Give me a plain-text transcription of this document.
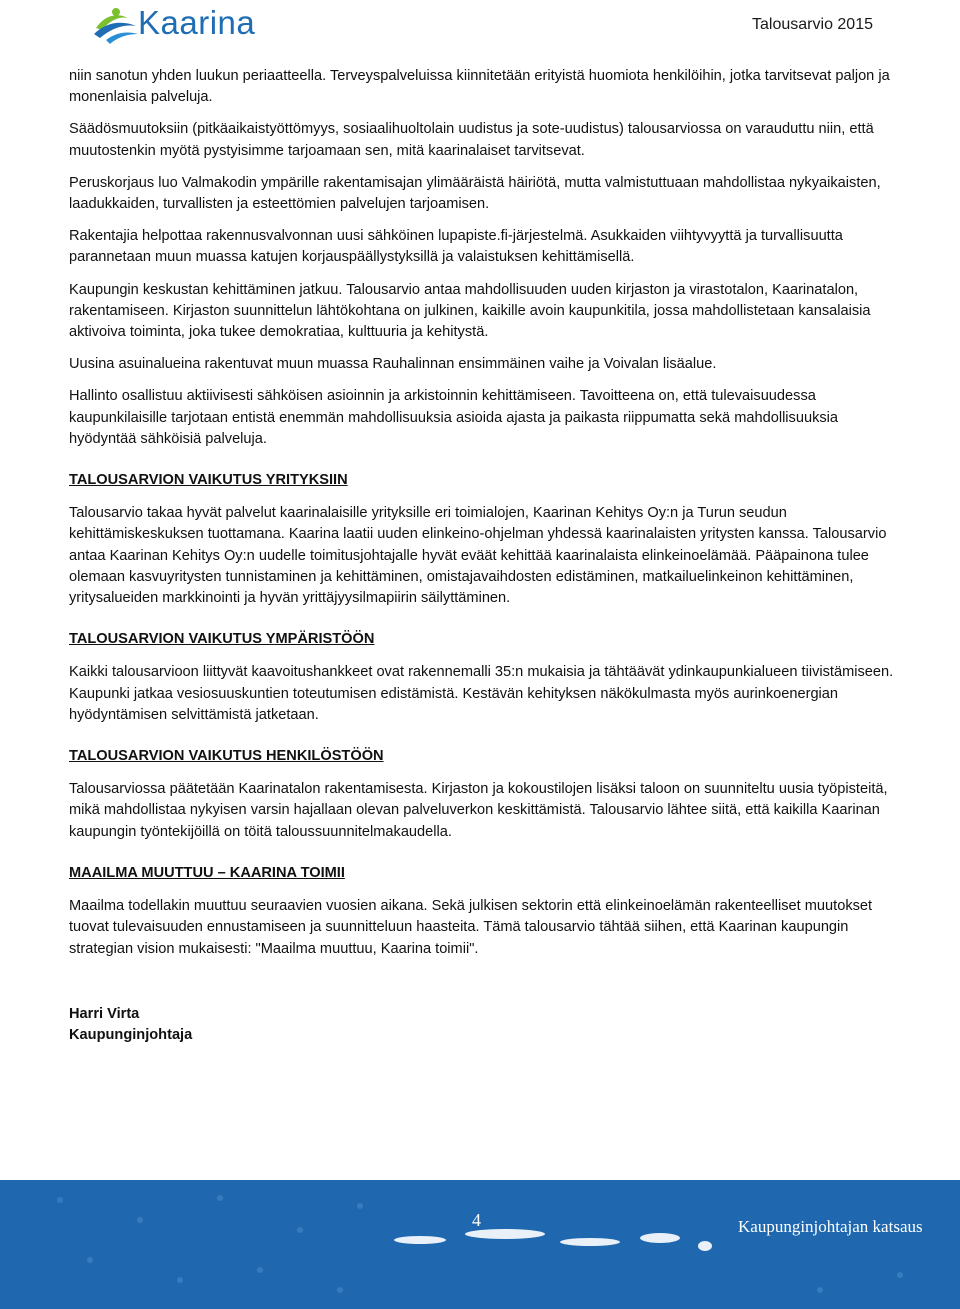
Kaarina	Talousarvio 2015

niin sanotun yhden luukun periaatteella. Terveyspalveluissa kiinnitetään erityistä huomiota henkilöihin, jotka tarvitsevat paljon ja monenlaisia palveluja.

Säädösmuutoksiin (pitkäaikaistyöttömyys, sosiaalihuoltolain uudistus ja sote-uudistus) talousarviossa on varauduttu niin, että muutostenkin myötä pystyisimme tarjoamaan sen, mitä kaarinalaiset tarvitsevat.

Peruskorjaus luo Valmakodin ympärille rakentamisajan ylimääräistä häiriötä, mutta valmistuttuaan mahdollistaa nykyaikaisten, laadukkaiden, turvallisten ja esteettömien palvelujen tarjoamisen.

Rakentajia helpottaa rakennusvalvonnan uusi sähköinen lupapiste.fi-järjestelmä. Asukkaiden viihtyvyyttä ja turvallisuutta parannetaan muun muassa katujen korjauspäällystyksillä ja valaistuksen kehittämisellä.

Kaupungin keskustan kehittäminen jatkuu. Talousarvio antaa mahdollisuuden uuden kirjaston ja virastotalon, Kaarinatalon, rakentamiseen. Kirjaston suunnittelun lähtökohtana on julkinen, kaikille avoin kaupunkitila, jossa mahdollistetaan kansalaisia aktivoiva toiminta, joka tukee demokratiaa, kulttuuria ja kehitystä.

Uusina asuinalueina rakentuvat muun muassa Rauhalinnan ensimmäinen vaihe ja Voivalan lisäalue.

Hallinto osallistuu aktiivisesti sähköisen asioinnin ja arkistoinnin kehittämiseen. Tavoitteena on, että tulevaisuudessa kaupunkilaisille tarjotaan entistä enemmän mahdollisuuksia asioida ajasta ja paikasta riippumatta sekä mahdollisuuksia hyödyntää sähköisiä palveluja.

TALOUSARVION VAIKUTUS YRITYKSIIN

Talousarvio takaa hyvät palvelut kaarinalaisille yrityksille eri toimialojen, Kaarinan Kehitys Oy:n ja Turun seudun kehittämiskeskuksen tuottamana. Kaarina laatii uuden elinkeino-ohjelman yhdessä kaarinalaisten yritysten kanssa. Talousarvio antaa Kaarinan Kehitys Oy:n uudelle toimitusjohtajalle hyvät eväät kehittää kaarinalaista elinkeinoelämää. Pääpainona tulee olemaan kasvuyritysten tunnistaminen ja kehittäminen, omistajavaihdosten edistäminen, matkailuelinkeinon kehittäminen, yritysalueiden markkinointi ja hyvän yrittäjyysilmapiirin säilyttäminen.

TALOUSARVION VAIKUTUS YMPÄRISTÖÖN

Kaikki talousarvioon liittyvät kaavoitushankkeet ovat rakennemalli 35:n mukaisia ja tähtäävät ydinkaupunkialueen tiivistämiseen. Kaupunki jatkaa vesiosuuskuntien toteutumisen edistämistä. Kestävän kehityksen näkökulmasta myös aurinkoenergian hyödyntämisen selvittämistä jatketaan.

TALOUSARVION VAIKUTUS HENKILÖSTÖÖN

Talousarviossa päätetään Kaarinatalon rakentamisesta. Kirjaston ja kokoustilojen lisäksi taloon on suunniteltu uusia työpisteitä, mikä mahdollistaa nykyisen varsin hajallaan olevan palveluverkon keskittämistä. Talousarvio lähtee siitä, että kaikilla Kaarinan kaupungin työntekijöillä on töitä taloussuunnitelmakaudella.

MAAILMA MUUTTUU – KAARINA TOIMII

Maailma todellakin muuttuu seuraavien vuosien aikana. Sekä julkisen sektorin että elinkeinoelämän rakenteelliset muutokset tuovat tulevaisuuden ennustamiseen ja suunnitteluun haasteita. Tämä talousarvio tähtää siihen, että Kaarinan kaupungin strategian vision mukaisesti: "Maailma muuttuu, Kaarina toimii".

Harri Virta
Kaupunginjohtaja
4	Kaupunginjohtajan katsaus
